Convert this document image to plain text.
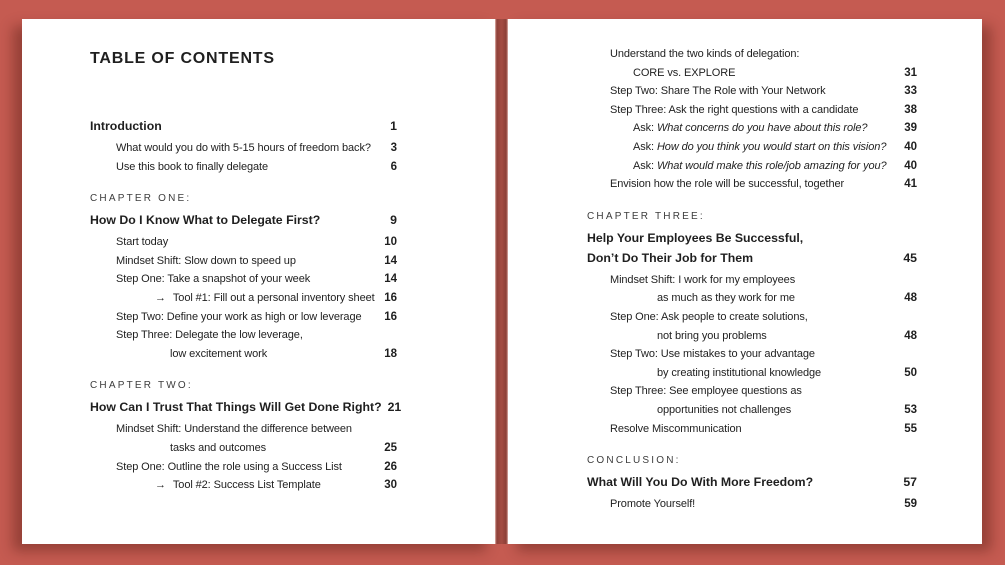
TABLE OF CONTENTS
Introduction	1
What would you do with 5-15 hours of freedom back? 3
Use this book to finally delegate	6
CHAPTER ONE:
How Do I Know What to Delegate First?	9
Start today	10
Mindset Shift: Slow down to speed up	14
Step One: Take a snapshot of your week	14
→ Tool #1: Fill out a personal inventory sheet 16
Step Two: Define your work as high or low leverage 16
Step Three: Delegate the low leverage,
low excitement work	18
CHAPTER TWO:
How Can I Trust That Things Will Get Done Right? 21
Mindset Shift: Understand the difference between
tasks and outcomes	25
Step One: Outline the role using a Success List	26
→ Tool #2: Success List Template	30
Understand the two kinds of delegation:
CORE vs. EXPLORE	31
Step Two: Share The Role with Your Network	33
Step Three: Ask the right questions with a candidate	38
Ask: What concerns do you have about this role?	39
Ask: How do you think you would start on this vision? 40
Ask: What would make this role/job amazing for you? 40
Envision how the role will be successful, together	41
CHAPTER THREE:
Help Your Employees Be Successful,
Don’t Do Their Job for Them	45
Mindset Shift: I work for my employees
as much as they work for me	48
Step One: Ask people to create solutions,
not bring you problems	48
Step Two: Use mistakes to your advantage
by creating institutional knowledge	50
Step Three: See employee questions as
opportunities not challenges	53
Resolve Miscommunication	55
CONCLUSION:
What Will You Do With More Freedom?	57
Promote Yourself!	59
